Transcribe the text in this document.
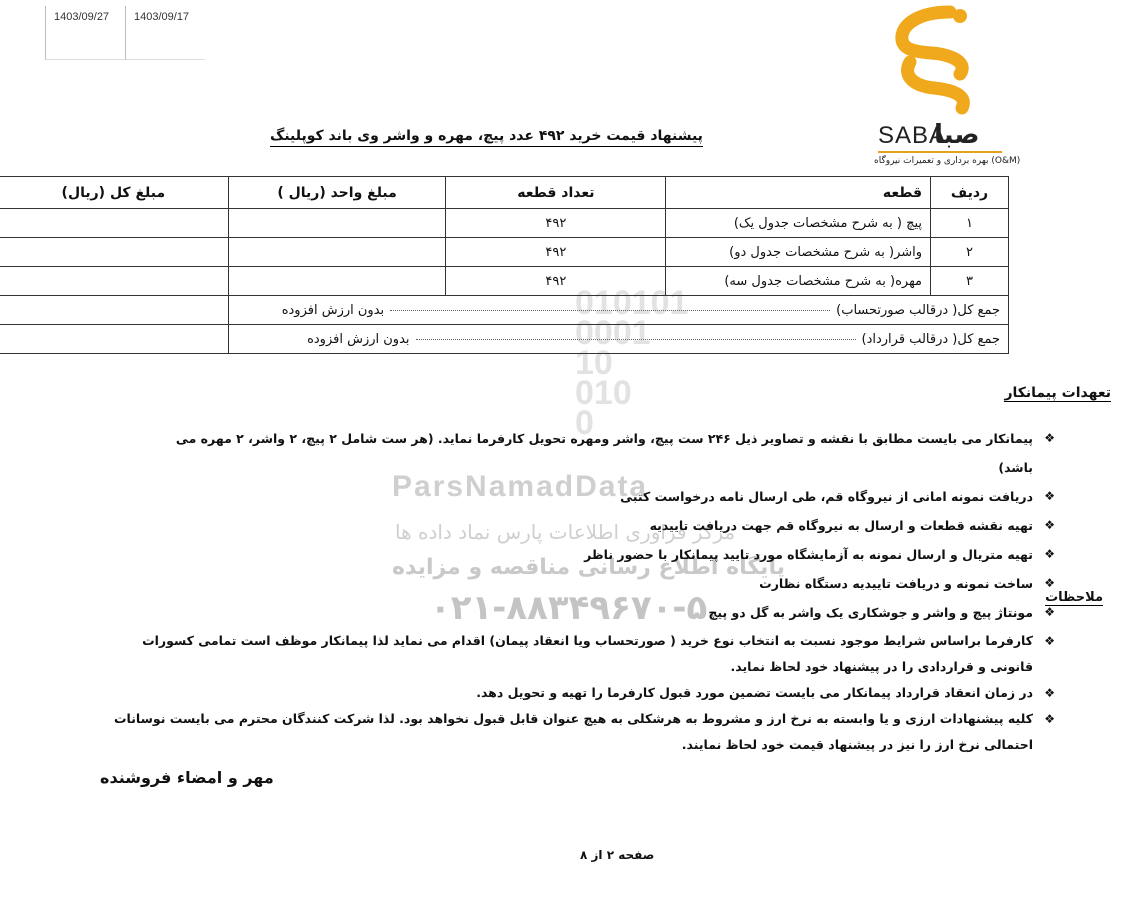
1403/09/27	1403/09/17
SABA
صبا
بهره برداری و تعمیرات نیروگاه (O&M)
پیشنهاد قیمت خرید ۴۹۲ عدد پیچ، مهره و واشر وی باند کوپلینگ
010101
0001
10
010
0
ردیف	قطعه	تعداد قطعه	مبلغ واحد (ریال )	مبلغ کل (ریال)
۱	پیچ ( به شرح مشخصات جدول یک)	۴۹۲		
۲	واشر( به شرح مشخصات جدول دو)	۴۹۲		
۳	مهره( به شرح مشخصات جدول سه)	۴۹۲		
جمع کل( درقالب صورتحساب)بدون ارزش افزوده				
جمع کل( درقالب قرارداد)بدون ارزش افزوده				
ParsNamadData
مرکز فراوری اطلاعات پارس نماد داده ها
پایگاه اطلاع رسانی مناقصه و مزایده
۰۲۱-۸۸۳۴۹۶۷۰-۵
تعهدات پیمانکار
❖ پیمانکار می بایست مطابق با نقشه و تصاویر ذیل ۲۴۶ ست پیچ، واشر ومهره تحویل کارفرما نماید. (هر ست شامل ۲ پیچ، ۲ واشر، ۲ مهره می باشد)
❖ دریافت نمونه امانی از نیروگاه قم، طی ارسال نامه درخواست کتبی
❖ تهیه نقشه قطعات و ارسال به نیروگاه قم جهت دریافت تاییدیه
❖ تهیه متریال و ارسال نمونه به آزمایشگاه مورد تایید پیمانکار با حضور ناظر
❖ ساخت نمونه و دریافت تاییدیه دستگاه نظارت
❖ مونتاژ پیچ و واشر و جوشکاری یک واشر به گل دو پیچ
ملاحظات
❖ کارفرما براساس شرایط موجود نسبت به انتخاب نوع خرید ( صورتحساب ویا انعقاد پیمان) اقدام می نماید لذا پیمانکار موظف است تمامی کسورات قانونی و قراردادی را در پیشنهاد خود لحاظ نماید.
❖ در زمان انعقاد قرارداد پیمانکار می بایست تضمین مورد قبول کارفرما را تهیه و تحویل دهد.
❖ کلیه پیشنهادات ارزی و یا وابسته به نرخ ارز و مشروط به هرشکلی به هیچ عنوان قابل قبول نخواهد بود. لذا شرکت کنندگان محترم می بایست نوسانات احتمالی نرخ ارز را نیز در پیشنهاد قیمت خود لحاظ نمایند.
مهر و امضاء فروشنده
صفحه ۲ از ۸
